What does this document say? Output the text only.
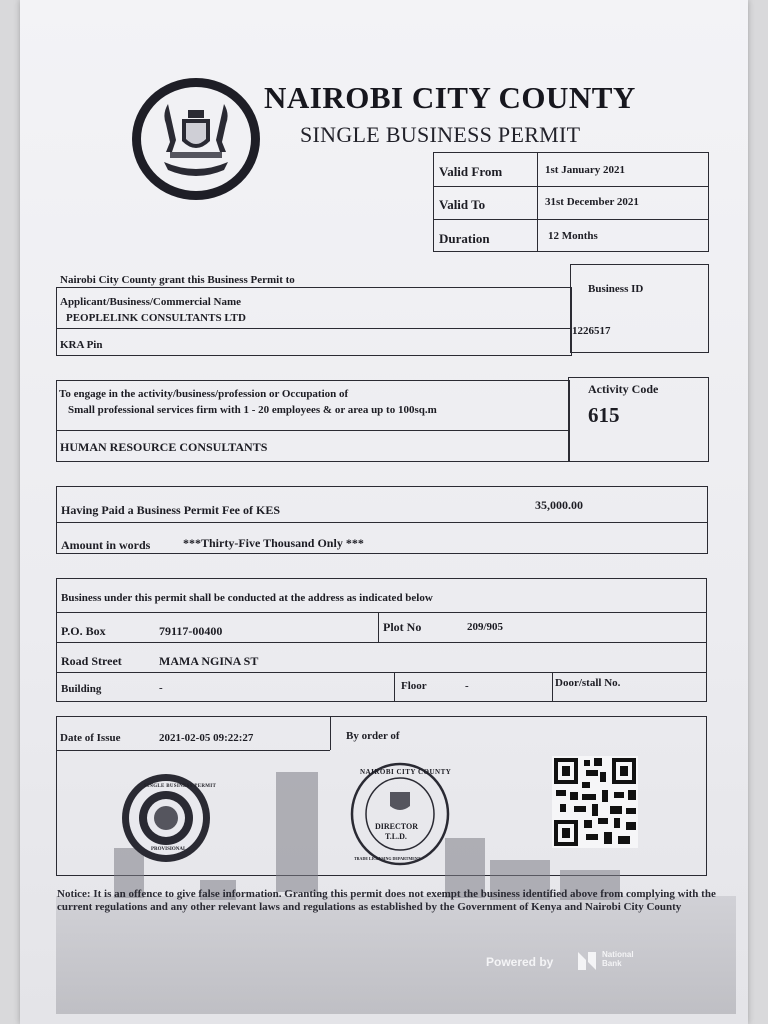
NAIROBI CITY COUNTY
SINGLE BUSINESS PERMIT
Valid From	1st January 2021
Valid To	31st December 2021
Duration	12 Months
Nairobi City County grant this Business Permit to
Applicant/Business/Commercial Name
PEOPLELINK CONSULTANTS LTD
KRA Pin
Business ID
1226517
To engage in the activity/business/profession or Occupation of
Small professional services firm with 1 - 20 employees & or area up to 100sq.m
HUMAN RESOURCE CONSULTANTS
Activity Code
615
Having Paid a Business Permit Fee of KES	35,000.00
Amount in words	***Thirty-Five Thousand Only ***
Business under this permit shall be conducted at the address as indicated below
P.O. Box	79117-00400	Plot No	209/905
Road Street	MAMA NGINA ST
Building	-	Floor	-	Door/stall No.
Date of Issue	2021-02-05 09:22:27	By order of
SINGLE BUSINESS PERMIT
PROVISIONAL
NAIROBI CITY COUNTY
DIRECTOR
T.L.D.
TRADE LICENSING DEPARTMENT
Notice: It is an offence to give false information. Granting this permit does not exempt the business identified above from complying with the current regulations and any other relevant laws and regulations as established by the Government of Kenya and Nairobi City County
Powered by
National
Bank
